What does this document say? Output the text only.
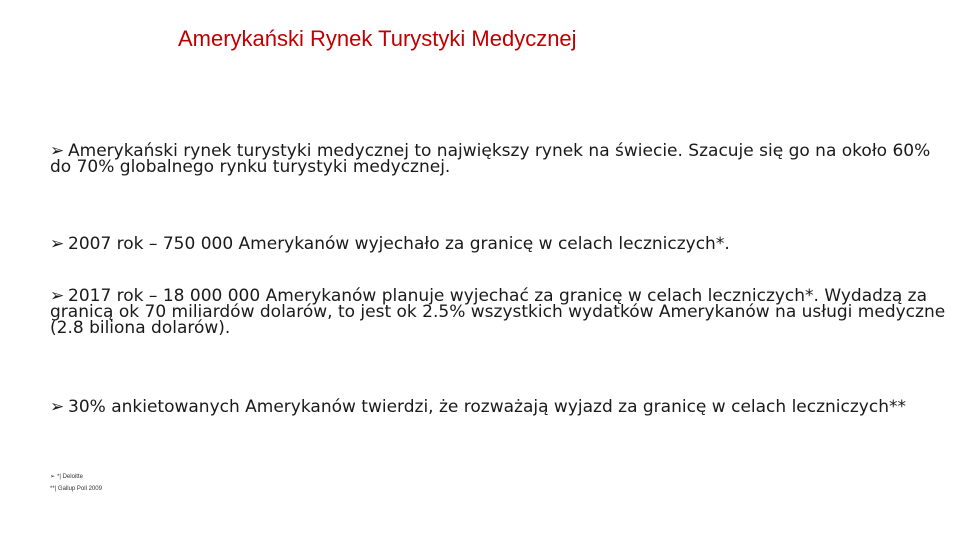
Amerykański Rynek Turystyki Medycznej
➢ Amerykański rynek turystyki medycznej to największy rynek na świecie. Szacuje się go na około 60% do 70% globalnego rynku turystyki medycznej.
➢ 2007 rok – 750 000 Amerykanów wyjechało za granicę w celach leczniczych*.
➢ 2017 rok – 18 000 000 Amerykanów planuje wyjechać za granicę w celach leczniczych*. Wydadzą za granicą ok 70 miliardów dolarów, to jest ok 2.5% wszystkich wydatków Amerykanów na usługi medyczne (2.8 biliona dolarów).
➢ 30% ankietowanych Amerykanów twierdzi, że rozważają wyjazd za granicę w celach leczniczych**
➢ *| Deloitte
**| Gallup Poll 2009
